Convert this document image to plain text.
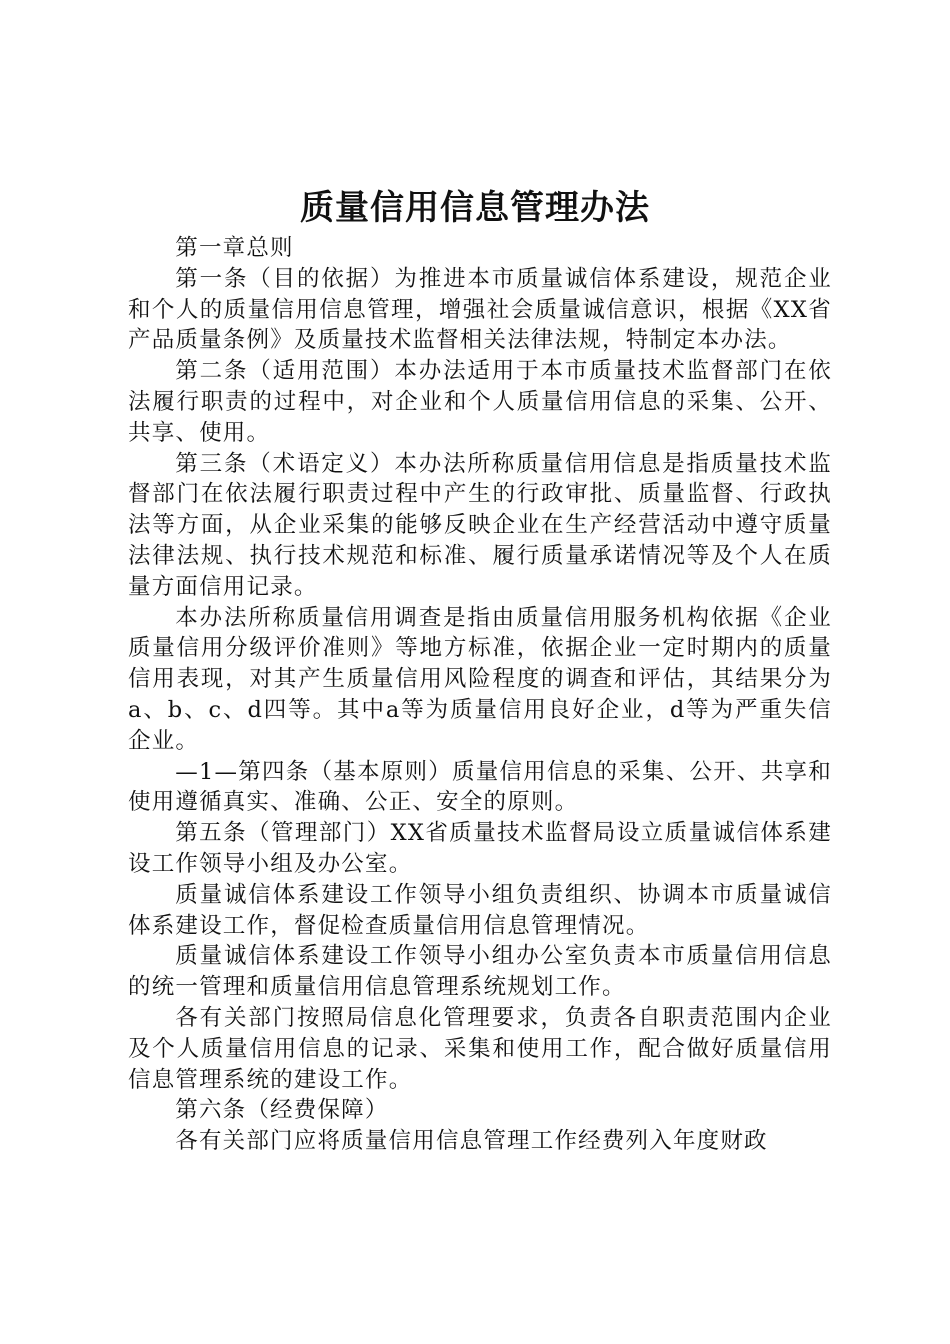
质量信用信息管理办法

第一章总则

第一条（目的依据）为推进本市质量诚信体系建设，规范企业和个人的质量信用信息管理，增强社会质量诚信意识，根据《XX省产品质量条例》及质量技术监督相关法律法规，特制定本办法。

第二条（适用范围）本办法适用于本市质量技术监督部门在依法履行职责的过程中，对企业和个人质量信用信息的采集、公开、共享、使用。

第三条（术语定义）本办法所称质量信用信息是指质量技术监督部门在依法履行职责过程中产生的行政审批、质量监督、行政执法等方面，从企业采集的能够反映企业在生产经营活动中遵守质量法律法规、执行技术规范和标准、履行质量承诺情况等及个人在质量方面信用记录。

本办法所称质量信用调查是指由质量信用服务机构依据《企业质量信用分级评价准则》等地方标准，依据企业一定时期内的质量信用表现，对其产生质量信用风险程度的调查和评估，其结果分为a、b、c、d四等。其中a等为质量信用良好企业，d等为严重失信企业。

—1—第四条（基本原则）质量信用信息的采集、公开、共享和使用遵循真实、准确、公正、安全的原则。

第五条（管理部门）XX省质量技术监督局设立质量诚信体系建设工作领导小组及办公室。

质量诚信体系建设工作领导小组负责组织、协调本市质量诚信体系建设工作，督促检查质量信用信息管理情况。

质量诚信体系建设工作领导小组办公室负责本市质量信用信息的统一管理和质量信用信息管理系统规划工作。

各有关部门按照局信息化管理要求，负责各自职责范围内企业及个人质量信用信息的记录、采集和使用工作，配合做好质量信用信息管理系统的建设工作。

第六条（经费保障）

各有关部门应将质量信用信息管理工作经费列入年度财政
